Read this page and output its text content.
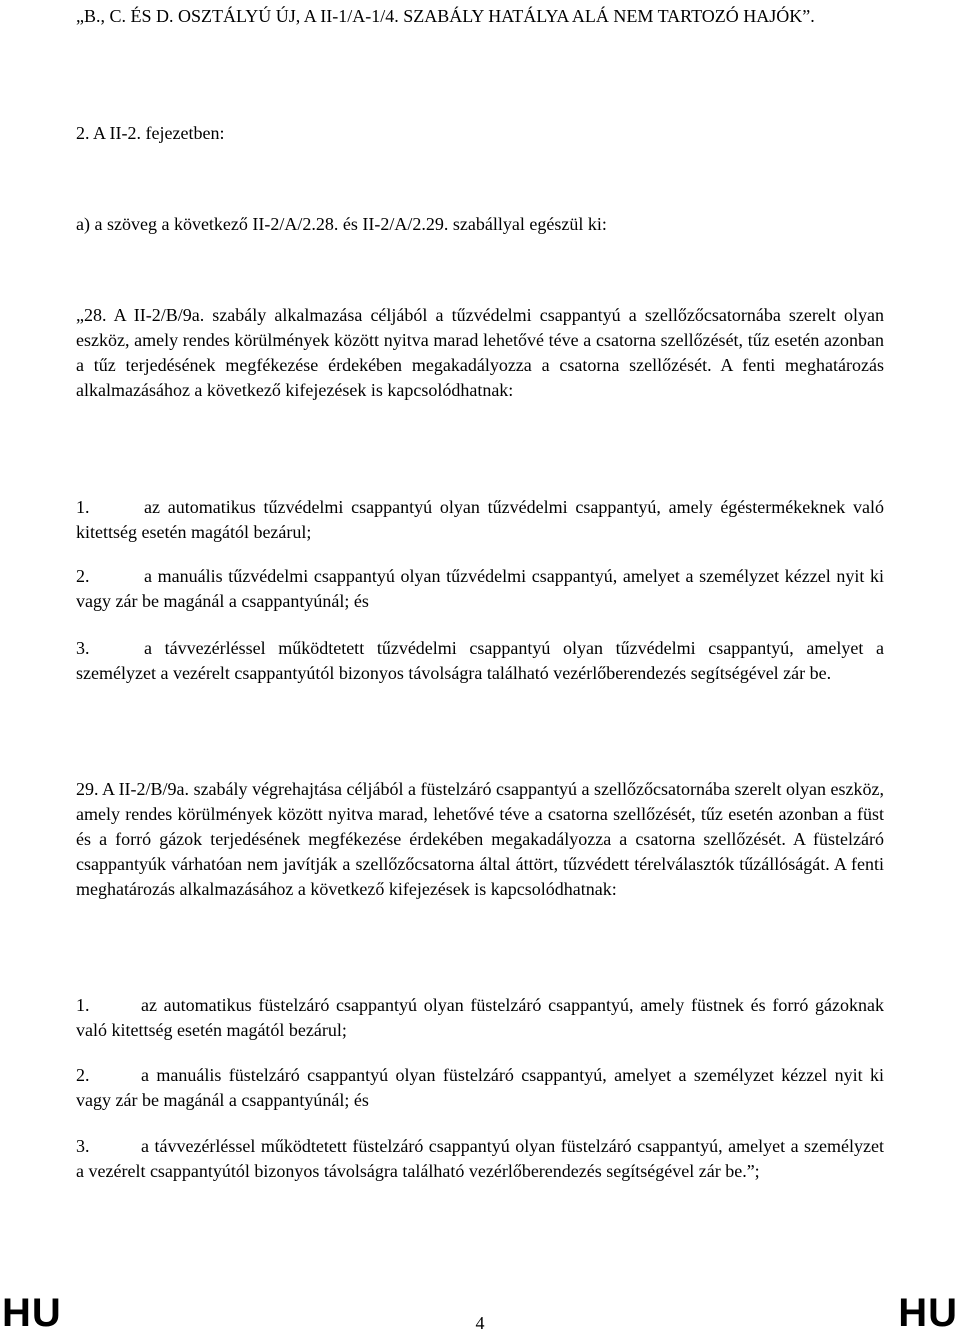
„B., C. ÉS D. OSZTÁLYÚ ÚJ, A II-1/A-1/4. SZABÁLY HATÁLYA ALÁ NEM TARTOZÓ HAJÓK”.

2. A II-2. fejezetben:

a) a szöveg a következő II-2/A/2.28. és II-2/A/2.29. szabállyal egészül ki:

„28. A II-2/B/9a. szabály alkalmazása céljából a tűzvédelmi csappantyú a szellőzőcsatornába szerelt olyan eszköz, amely rendes körülmények között nyitva marad lehetővé téve a csatorna szellőzését, tűz esetén azonban a tűz terjedésének megfékezése érdekében megakadályozza a csatorna szellőzését. A fenti meghatározás alkalmazásához a következő kifejezések is kapcsolódhatnak:

1.	az automatikus tűzvédelmi csappantyú olyan tűzvédelmi csappantyú, amely égéstermékeknek való kitettség esetén magától bezárul;

2.	a manuális tűzvédelmi csappantyú olyan tűzvédelmi csappantyú, amelyet a személyzet kézzel nyit ki vagy zár be magánál a csappantyúnál; és

3.	a távvezérléssel működtetett tűzvédelmi csappantyú olyan tűzvédelmi csappantyú, amelyet a személyzet a vezérelt csappantyútól bizonyos távolságra található vezérlőberendezés segítségével zár be.

29. A II-2/B/9a. szabály végrehajtása céljából a füstelzáró csappantyú a szellőzőcsatornába szerelt olyan eszköz, amely rendes körülmények között nyitva marad, lehetővé téve a csatorna szellőzését, tűz esetén azonban a füst és a forró gázok terjedésének megfékezése érdekében megakadályozza a csatorna szellőzését. A füstelzáró csappantyúk várhatóan nem javítják a szellőzőcsatorna által áttört, tűzvédett térelválasztók tűzállóságát. A fenti meghatározás alkalmazásához a következő kifejezések is kapcsolódhatnak:

1.	az automatikus füstelzáró csappantyú olyan füstelzáró csappantyú, amely füstnek és forró gázoknak való kitettség esetén magától bezárul;

2.	a manuális füstelzáró csappantyú olyan füstelzáró csappantyú, amelyet a személyzet kézzel nyit ki vagy zár be magánál a csappantyúnál; és

3.	a távvezérléssel működtetett füstelzáró csappantyú olyan füstelzáró csappantyú, amelyet a személyzet a vezérelt csappantyútól bizonyos távolságra található vezérlőberendezés segítségével zár be.”;

HU	4	HU
